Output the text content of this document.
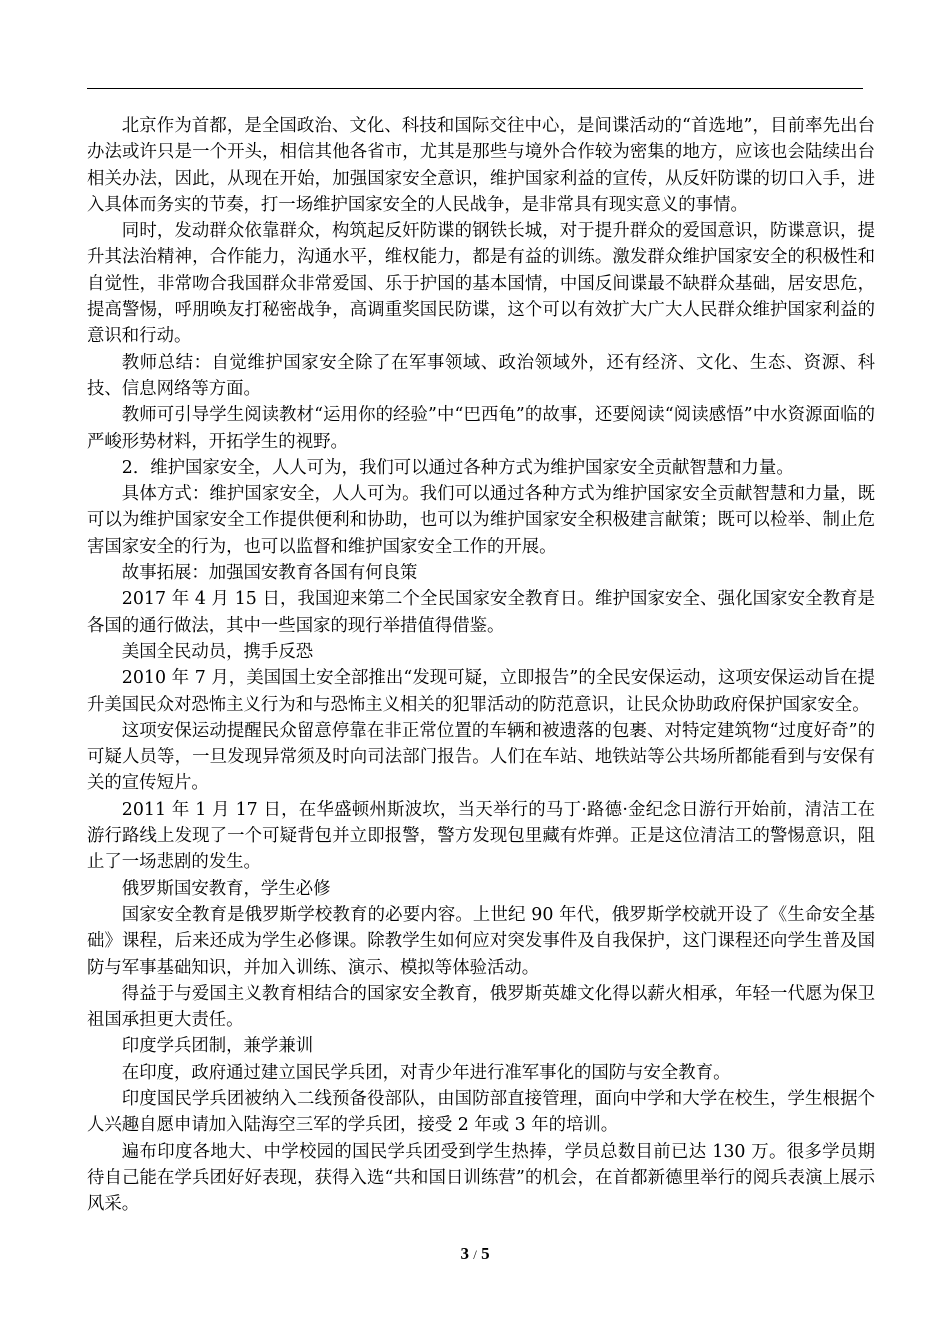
北京作为首都，是全国政治、文化、科技和国际交往中心，是间谍活动的“首选地”，目前率先出台办法或许只是一个开头，相信其他各省市，尤其是那些与境外合作较为密集的地方，应该也会陆续出台相关办法，因此，从现在开始，加强国家安全意识，维护国家利益的宣传，从反奸防谍的切口入手，进入具体而务实的节奏，打一场维护国家安全的人民战争，是非常具有现实意义的事情。

同时，发动群众依靠群众，构筑起反奸防谍的钢铁长城，对于提升群众的爱国意识，防谍意识，提升其法治精神，合作能力，沟通水平，维权能力，都是有益的训练。激发群众维护国家安全的积极性和自觉性，非常吻合我国群众非常爱国、乐于护国的基本国情，中国反间谍最不缺群众基础，居安思危，提高警惕，呼朋唤友打秘密战争，高调重奖国民防谍，这个可以有效扩大广大人民群众维护国家利益的意识和行动。

教师总结：自觉维护国家安全除了在军事领域、政治领域外，还有经济、文化、生态、资源、科技、信息网络等方面。

教师可引导学生阅读教材“运用你的经验”中“巴西龟”的故事，还要阅读“阅读感悟”中水资源面临的严峻形势材料，开拓学生的视野。

2．维护国家安全，人人可为，我们可以通过各种方式为维护国家安全贡献智慧和力量。

具体方式：维护国家安全，人人可为。我们可以通过各种方式为维护国家安全贡献智慧和力量，既可以为维护国家安全工作提供便利和协助，也可以为维护国家安全积极建言献策；既可以检举、制止危害国家安全的行为，也可以监督和维护国家安全工作的开展。

故事拓展：加强国安教育各国有何良策

2017 年 4 月 15 日，我国迎来第二个全民国家安全教育日。维护国家安全、强化国家安全教育是各国的通行做法，其中一些国家的现行举措值得借鉴。

美国全民动员，携手反恐

2010 年 7 月，美国国土安全部推出“发现可疑，立即报告”的全民安保运动，这项安保运动旨在提升美国民众对恐怖主义行为和与恐怖主义相关的犯罪活动的防范意识，让民众协助政府保护国家安全。

这项安保运动提醒民众留意停靠在非正常位置的车辆和被遗落的包裹、对特定建筑物“过度好奇”的可疑人员等，一旦发现异常须及时向司法部门报告。人们在车站、地铁站等公共场所都能看到与安保有关的宣传短片。

2011 年 1 月 17 日，在华盛顿州斯波坎，当天举行的马丁·路德·金纪念日游行开始前，清洁工在游行路线上发现了一个可疑背包并立即报警，警方发现包里藏有炸弹。正是这位清洁工的警惕意识，阻止了一场悲剧的发生。

俄罗斯国安教育，学生必修

国家安全教育是俄罗斯学校教育的必要内容。上世纪 90 年代，俄罗斯学校就开设了《生命安全基础》课程，后来还成为学生必修课。除教学生如何应对突发事件及自我保护，这门课程还向学生普及国防与军事基础知识，并加入训练、演示、模拟等体验活动。

得益于与爱国主义教育相结合的国家安全教育，俄罗斯英雄文化得以薪火相承，年轻一代愿为保卫祖国承担更大责任。

印度学兵团制，兼学兼训

在印度，政府通过建立国民学兵团，对青少年进行准军事化的国防与安全教育。

印度国民学兵团被纳入二线预备役部队，由国防部直接管理，面向中学和大学在校生，学生根据个人兴趣自愿申请加入陆海空三军的学兵团，接受 2 年或 3 年的培训。

遍布印度各地大、中学校园的国民学兵团受到学生热捧，学员总数目前已达 130 万。很多学员期待自己能在学兵团好好表现，获得入选“共和国日训练营”的机会，在首都新德里举行的阅兵表演上展示风采。

3 / 5
